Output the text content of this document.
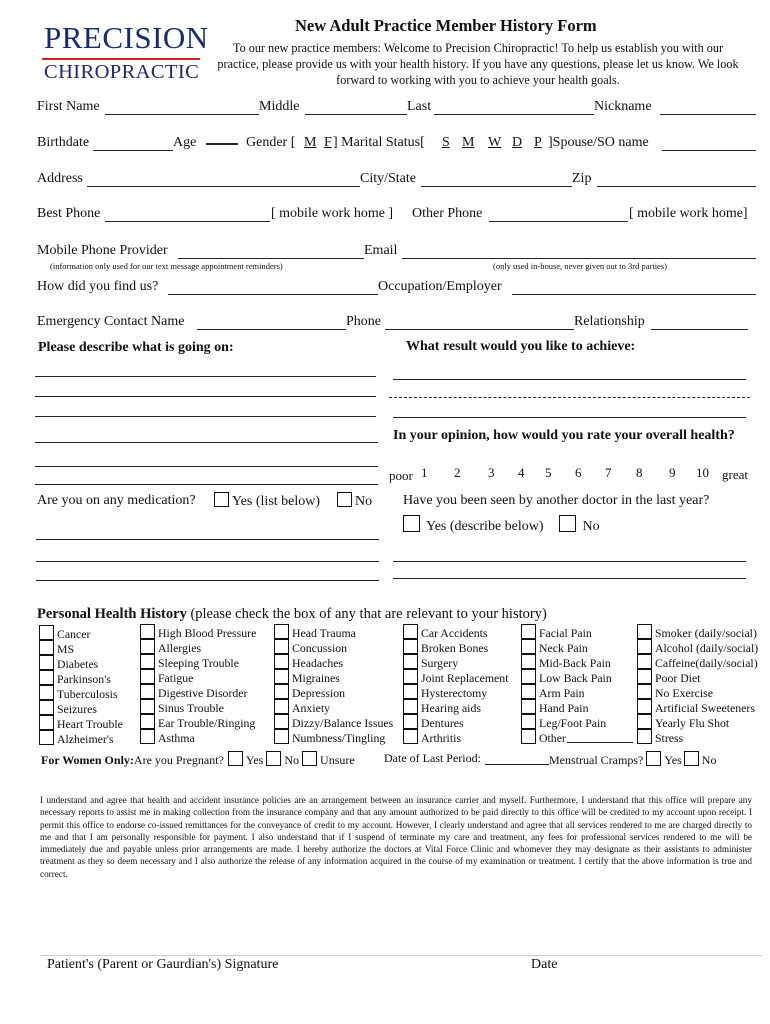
PRECISION
CHIROPRACTIC
New Adult Practice Member History Form
To our new practice members: Welcome to Precision Chiropractic! To help us establish you with our practice, please provide us with your health history. If you have any questions, please let us know. We look forward to working with you to achieve your health goals.
First Name	Middle	Last	Nickname
Birthdate	Age	Gender [ M F ] Marital Status[ S M W D P ]Spouse/SO name
Address	City/State	Zip
Best Phone	[ mobile work home ] Other Phone	[ mobile work home]
Mobile Phone Provider	Email
(information only used for our text message appointment reminders)	(only used in-house, never given out to 3rd parties)
How did you find us?	Occupation/Employer
Emergency Contact Name	Phone	Relationship
Please describe what is going on:	What result would you like to achieve:
In your opinion, how would you rate your overall health?
poor 1 2 3 4 5 6 7 8 9 10 great
Are you on any medication?	Yes (list below)	No Have you been seen by another doctor in the last year?
Yes (describe below)	No
Personal Health History (please check the box of any that are relevant to your history)
Cancer
MS
Diabetes
Parkinson's
Tuberculosis
Seizures
Heart Trouble
Alzheimer's
High Blood Pressure
Allergies
Sleeping Trouble
Fatigue
Digestive Disorder
Sinus Trouble
Ear Trouble/Ringing
Asthma
Head Trauma
Concussion
Headaches
Migraines
Depression
Anxiety
Dizzy/Balance Issues
Numbness/Tingling
Car Accidents
Broken Bones
Surgery
Joint Replacement
Hysterectomy
Hearing aids
Dentures
Arthritis
Facial Pain
Neck Pain
Mid-Back Pain
Low Back Pain
Arm Pain
Hand Pain
Leg/Foot Pain
Other
Smoker (daily/social)
Alcohol (daily/social)
Caffeine(daily/social)
Poor Diet
No Exercise
Artificial Sweeteners
Yearly Flu Shot
Stress
For Women Only:Are you Pregnant? Yes No Unsure Date of Last Period:	Menstrual Cramps? Yes No
I understand and agree that health and accident insurance policies are an arrangement between an insurance carrier and myself. Furthermore, I understand that this office will prepare any necessary reports to assist me in making collection from the insurance company and that any amount authorized to be paid directly to this office will be credited to my account upon receipt. I permit this office to endorse co-issued remittances for the conveyance of credit to my account. However, I clearly understand and agree that all services rendered to me are charged directly to me and that I am personally responsible for payment. I also understand that if I suspend of terminate my care and treatment, any fees for professional services rendered to me will be immediately due and payable unless prior arrangements are made. I hereby authorize the doctors at Vital Force Clinic and whomever they may designate as their assistants to administer treatment as they so deem necessary and I also authorize the release of any information acquired in the course of my examination or treatment. I certify that the above information is true and correct.
Patient's (Parent or Gaurdian's) Signature	Date
